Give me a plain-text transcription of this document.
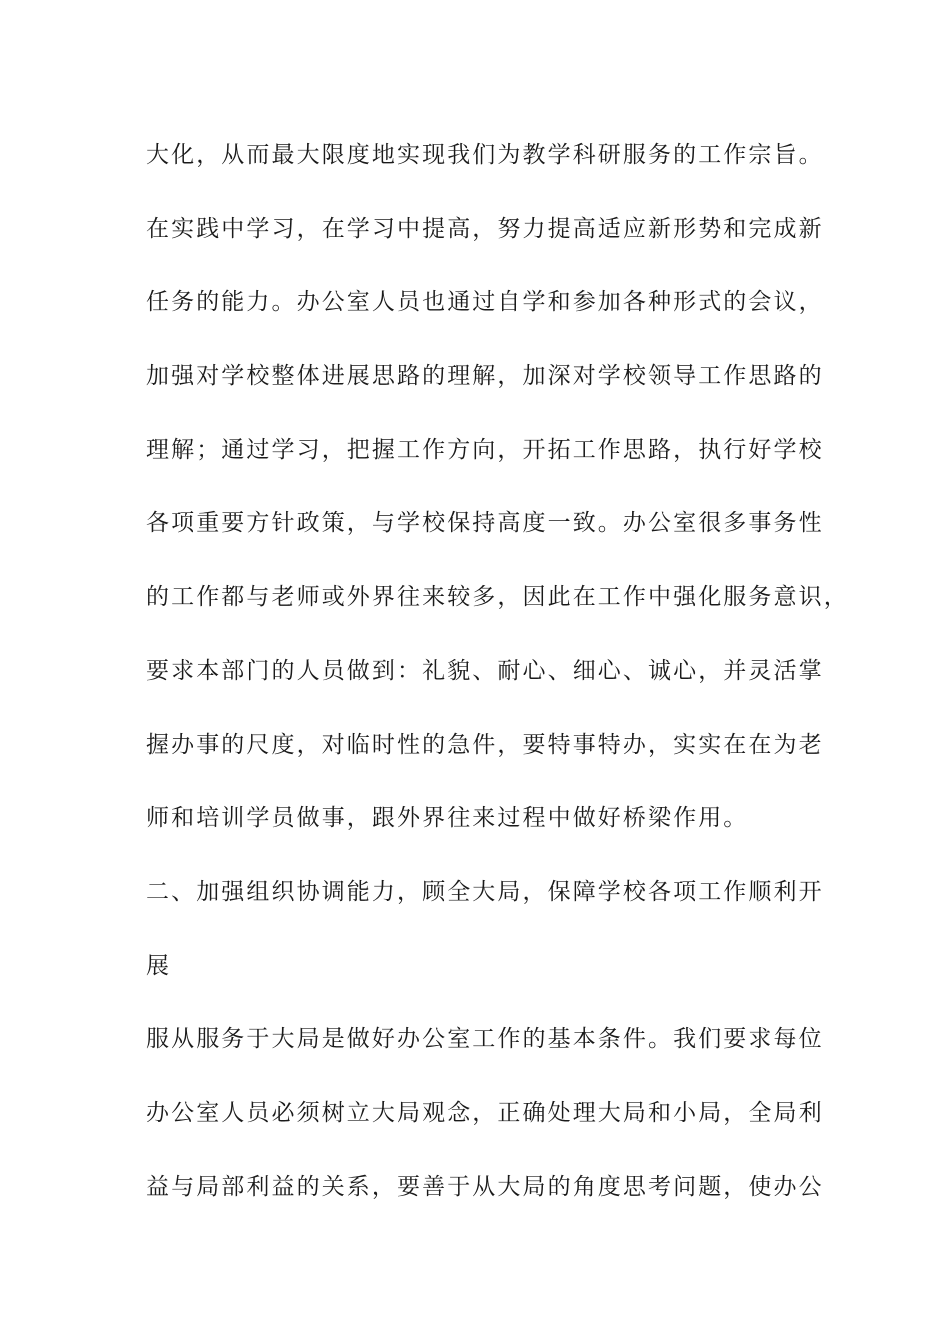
大化，从而最大限度地实现我们为教学科研服务的工作宗旨。
在实践中学习，在学习中提高，努力提高适应新形势和完成新
任务的能力。办公室人员也通过自学和参加各种形式的会议，
加强对学校整体进展思路的理解，加深对学校领导工作思路的
理解；通过学习，把握工作方向，开拓工作思路，执行好学校
各项重要方针政策，与学校保持高度一致。办公室很多事务性
的工作都与老师或外界往来较多，因此在工作中强化服务意识，
要求本部门的人员做到：礼貌、耐心、细心、诚心，并灵活掌
握办事的尺度，对临时性的急件，要特事特办，实实在在为老
师和培训学员做事，跟外界往来过程中做好桥梁作用。
二、加强组织协调能力，顾全大局，保障学校各项工作顺利开
展
服从服务于大局是做好办公室工作的基本条件。我们要求每位
办公室人员必须树立大局观念，正确处理大局和小局，全局利
益与局部利益的关系，要善于从大局的角度思考问题，使办公
